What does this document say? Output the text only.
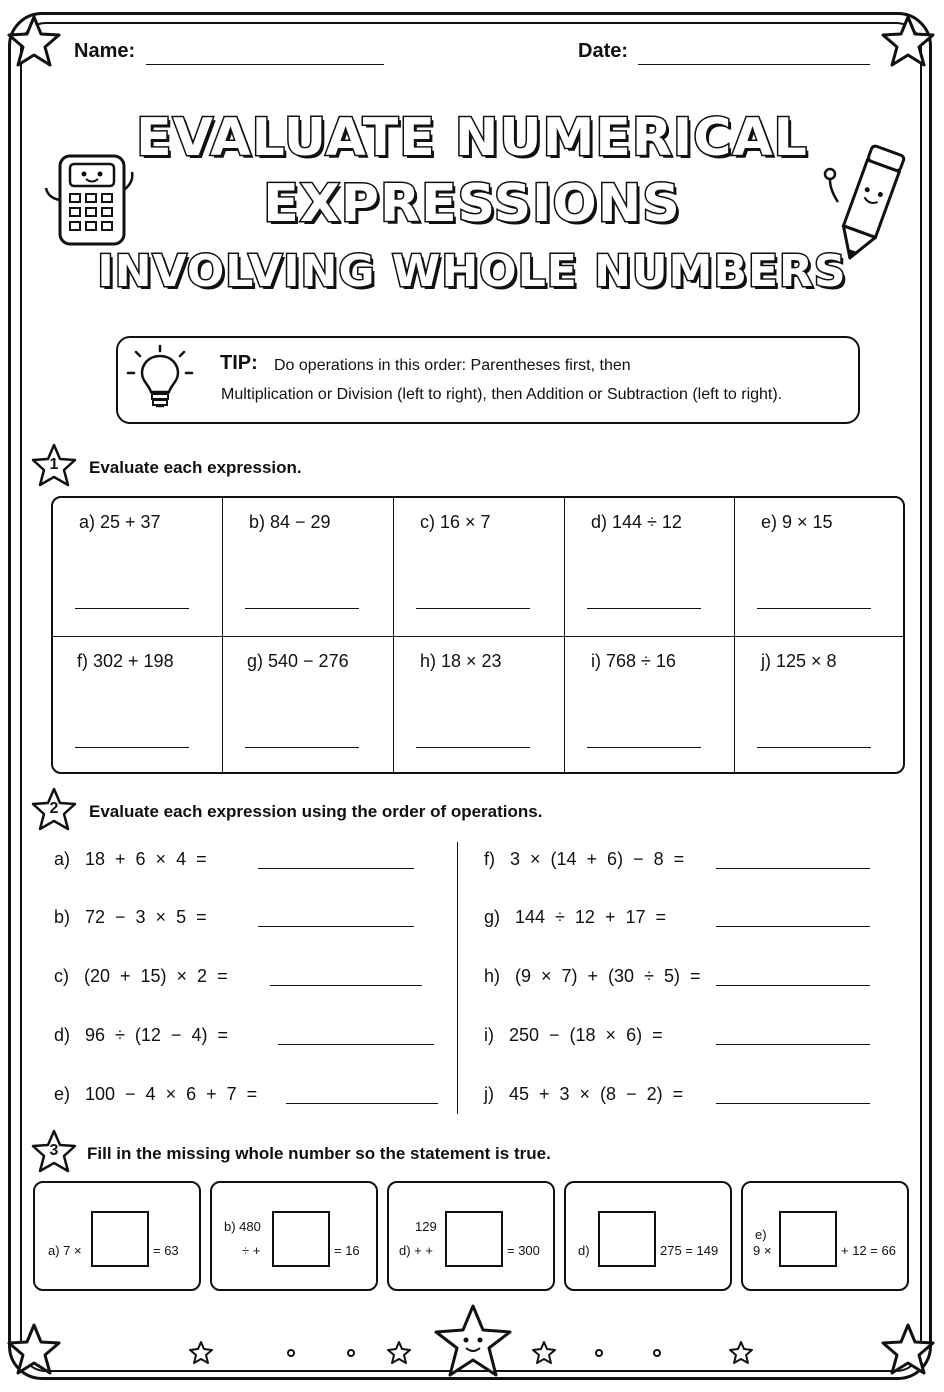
Name:	Date:
EVALUATE NUMERICAL
EXPRESSIONS
INVOLVING WHOLE NUMBERS
TIP: Do operations in this order: Parentheses first, then
Multiplication or Division (left to right), then Addition or Subtraction (left to right).
1	Evaluate each expression.
a) 25 + 37	b) 84 − 29	c) 16 × 7	d) 144 ÷ 12	e) 9 × 15
f) 302 + 198	g) 540 − 276	h) 18 × 23	i) 768 ÷ 16	j) 125 × 8
2	Evaluate each expression using the order of operations.
a)   18  +  6  ×  4  =
b)   72  −  3  ×  5  =
c)   (20  +  15)  ×  2  =
d)   96  ÷  (12  −  4)  =
e)   100  −  4  ×  6  +  7  =
f)   3  ×  (14  +  6)  −  8  =
g)   144  ÷  12  +  17  =
h)   (9  ×  7)  +  (30  ÷  5)  =
i)   250  −  (18  ×  6)  =
j)   45  +  3  ×  (8  −  2)  =
3	Fill in the missing whole number so the statement is true.
a) 7 ×	= 63
b) 480
÷ +	= 16
129
d) + +	= 300	d)	275 = 149
e)
9 ×	+ 12 = 66
